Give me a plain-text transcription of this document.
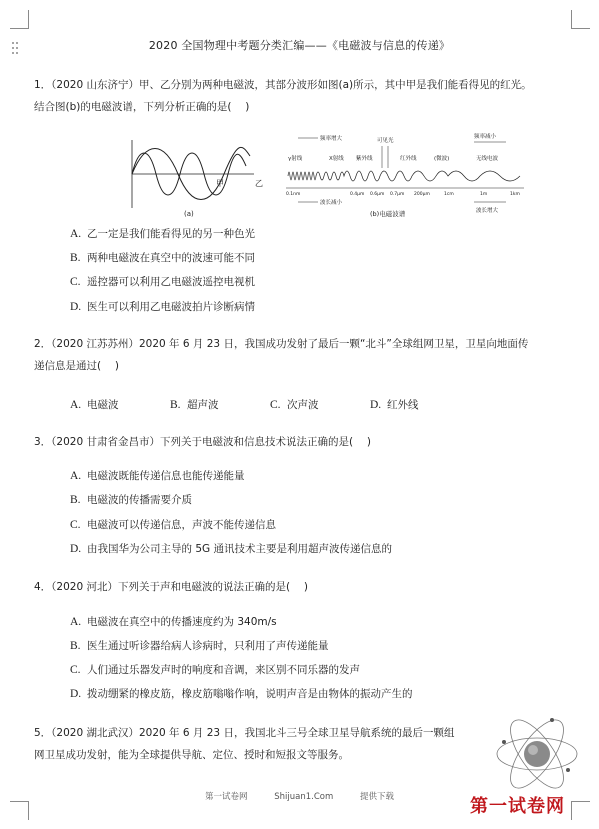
2020 全国物理中考题分类汇编——《电磁波与信息的传递》
1．（2020 山东济宁）甲、乙分别为两种电磁波，其部分波形如图(a)所示，其中甲是我们能看得见的红光。
结合图(b)的电磁波谱，下列分析正确的是(　 )
甲	乙
(a)
频率增大	可见光
频率减小
γ射线	X射线 紫外线	红外线	(微波)	无线电波
0.1nm	0.4μm 0.6μm 0.7μm 200μm	1cm	1m	1km
波长减小
波长增大
(b)电磁波谱
A. 乙一定是我们能看得见的另一种色光
B. 两种电磁波在真空中的波速可能不同
C. 遥控器可以利用乙电磁波遥控电视机
D. 医生可以利用乙电磁波拍片诊断病情
2．（2020 江苏苏州）2020 年 6 月 23 日，我国成功发射了最后一颗“北斗”全球组网卫星，卫星向地面传
递信息是通过(　 )
A. 电磁波	B. 超声波	C. 次声波	D. 红外线
3．（2020 甘肃省金昌市）下列关于电磁波和信息技术说法正确的是(　 )
A. 电磁波既能传递信息也能传递能量
B. 电磁波的传播需要介质
C. 电磁波可以传递信息，声波不能传递信息
D. 由我国华为公司主导的 5G 通讯技术主要是利用超声波传递信息的
4．（2020 河北）下列关于声和电磁波的说法正确的是(　 )
A. 电磁波在真空中的传播速度约为 340m/s
B. 医生通过听诊器给病人诊病时，只利用了声传递能量
C. 人们通过乐器发声时的响度和音调，来区别不同乐器的发声
D. 拨动绷紧的橡皮筋，橡皮筋嗡嗡作响，说明声音是由物体的振动产生的
5．（2020 湖北武汉）2020 年 6 月 23 日，我国北斗三号全球卫星导航系统的最后一颗组
网卫星成功发射，能为全球提供导航、定位、授时和短报文等服务。
第一试卷网	Shijuan1.Com	提供下载	第一试卷网
